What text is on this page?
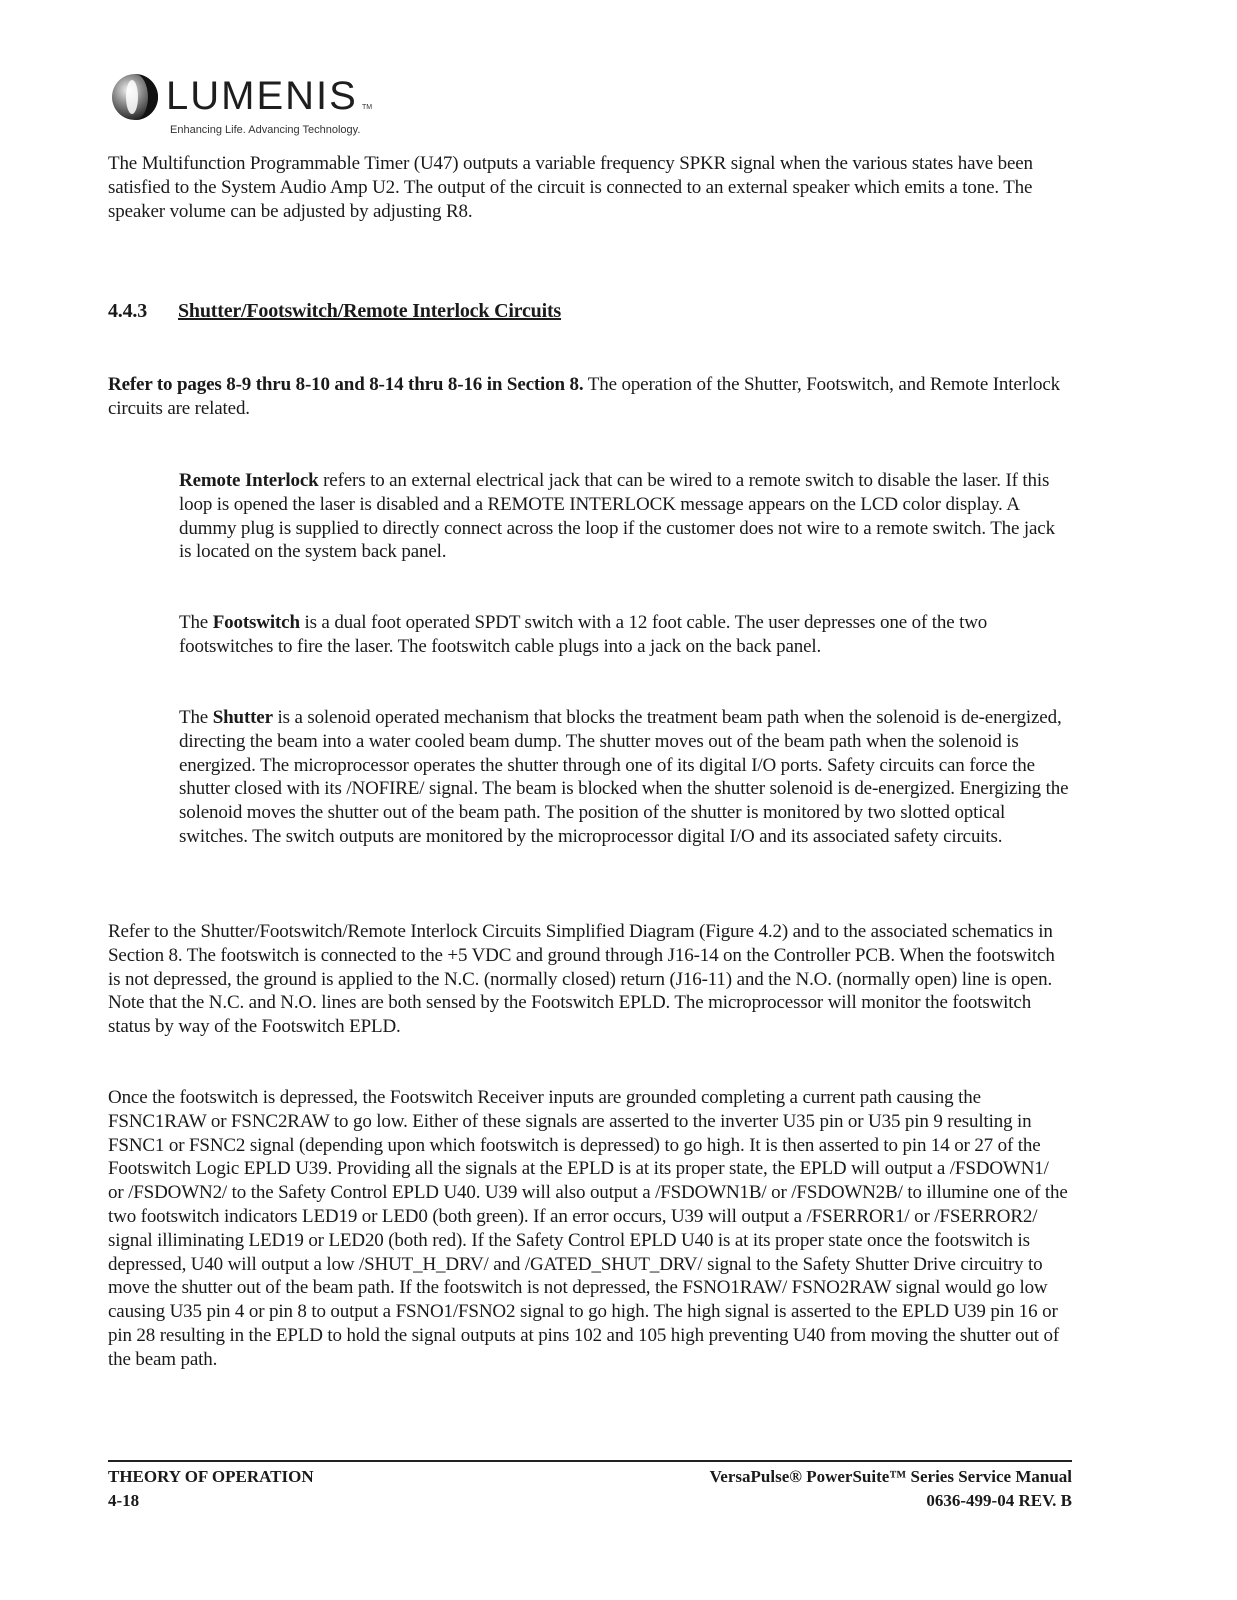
LUMENIS TM
Enhancing Life. Advancing Technology.

The Multifunction Programmable Timer (U47) outputs a variable frequency SPKR signal when the various states have been satisfied to the System Audio Amp U2. The output of the circuit is connected to an external speaker which emits a tone. The speaker volume can be adjusted by adjusting R8.

4.4.3 Shutter/Footswitch/Remote Interlock Circuits

Refer to pages 8-9 thru 8-10 and 8-14 thru 8-16 in Section 8. The operation of the Shutter, Footswitch, and Remote Interlock circuits are related.

Remote Interlock refers to an external electrical jack that can be wired to a remote switch to disable the laser. If this loop is opened the laser is disabled and a REMOTE INTERLOCK message appears on the LCD color display. A dummy plug is supplied to directly connect across the loop if the customer does not wire to a remote switch. The jack is located on the system back panel.

The Footswitch is a dual foot operated SPDT switch with a 12 foot cable. The user depresses one of the two footswitches to fire the laser. The footswitch cable plugs into a jack on the back panel.

The Shutter is a solenoid operated mechanism that blocks the treatment beam path when the solenoid is de-energized, directing the beam into a water cooled beam dump. The shutter moves out of the beam path when the solenoid is energized. The microprocessor operates the shutter through one of its digital I/O ports. Safety circuits can force the shutter closed with its /NOFIRE/ signal. The beam is blocked when the shutter solenoid is de-energized. Energizing the solenoid moves the shutter out of the beam path. The position of the shutter is monitored by two slotted optical switches. The switch outputs are monitored by the microprocessor digital I/O and its associated safety circuits.

Refer to the Shutter/Footswitch/Remote Interlock Circuits Simplified Diagram (Figure 4.2) and to the associated schematics in Section 8. The footswitch is connected to the +5 VDC and ground through J16-14 on the Controller PCB. When the footswitch is not depressed, the ground is applied to the N.C. (normally closed) return (J16-11) and the N.O. (normally open) line is open. Note that the N.C. and N.O. lines are both sensed by the Footswitch EPLD. The microprocessor will monitor the footswitch status by way of the Footswitch EPLD.

Once the footswitch is depressed, the Footswitch Receiver inputs are grounded completing a current path causing the FSNC1RAW or FSNC2RAW to go low. Either of these signals are asserted to the inverter U35 pin or U35 pin 9 resulting in FSNC1 or FSNC2 signal (depending upon which footswitch is depressed) to go high. It is then asserted to pin 14 or 27 of the Footswitch Logic EPLD U39. Providing all the signals at the EPLD is at its proper state, the EPLD will output a /FSDOWN1/ or /FSDOWN2/ to the Safety Control EPLD U40. U39 will also output a /FSDOWN1B/ or /FSDOWN2B/ to illumine one of the two footswitch indicators LED19 or LED0 (both green). If an error occurs, U39 will output a /FSERROR1/ or /FSERROR2/ signal illiminating LED19 or LED20 (both red). If the Safety Control EPLD U40 is at its proper state once the footswitch is depressed, U40 will output a low /SHUT_H_DRV/ and /GATED_SHUT_DRV/ signal to the Safety Shutter Drive circuitry to move the shutter out of the beam path. If the footswitch is not depressed, the FSNO1RAW/ FSNO2RAW signal would go low causing U35 pin 4 or pin 8 to output a FSNO1/FSNO2 signal to go high. The high signal is asserted to the EPLD U39 pin 16 or pin 28 resulting in the EPLD to hold the signal outputs at pins 102 and 105 high preventing U40 from moving the shutter out of the beam path.

THEORY OF OPERATION
4-18
VersaPulse® PowerSuite™ Series Service Manual
0636-499-04 REV. B
